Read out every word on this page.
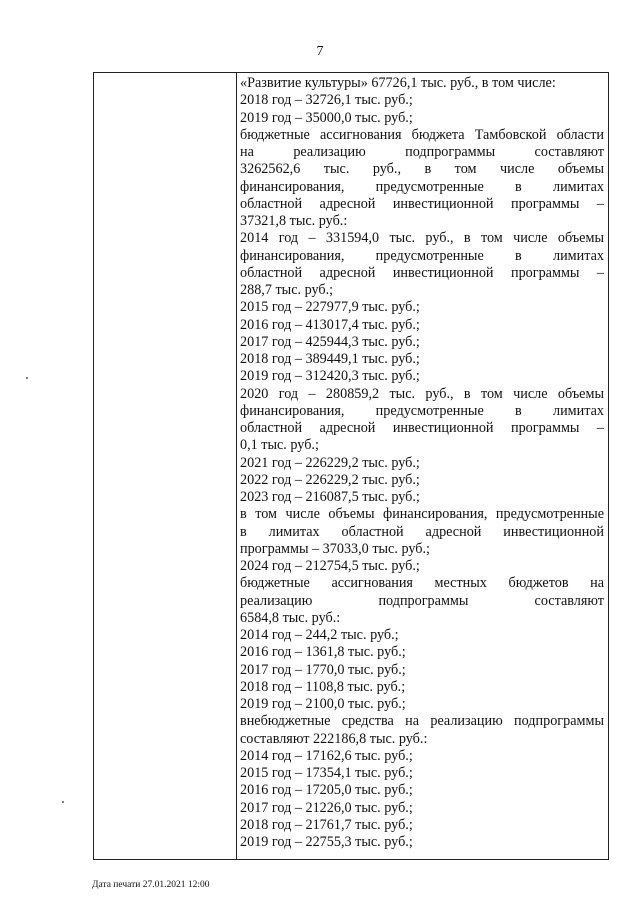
7
«Развитие культуры» 67726,1 тыс. руб., в том числе:
2018 год – 32726,1 тыс. руб.;
2019 год – 35000,0 тыс. руб.;
бюджетные ассигнования бюджета Тамбовской области
на реализацию подпрограммы составляют
3262562,6 тыс. руб., в том числе объемы
финансирования, предусмотренные в лимитах
областной адресной инвестиционной программы –
37321,8 тыс. руб.:
2014 год – 331594,0 тыс. руб., в том числе объемы
финансирования, предусмотренные в лимитах
областной адресной инвестиционной программы –
288,7 тыс. руб.;
2015 год – 227977,9 тыс. руб.;
2016 год – 413017,4 тыс. руб.;
2017 год – 425944,3 тыс. руб.;
2018 год – 389449,1 тыс. руб.;
2019 год – 312420,3 тыс. руб.;
2020 год – 280859,2 тыс. руб., в том числе объемы
финансирования, предусмотренные в лимитах
областной адресной инвестиционной программы –
0,1 тыс. руб.;
2021 год – 226229,2 тыс. руб.;
2022 год – 226229,2 тыс. руб.;
2023 год – 216087,5 тыс. руб.;
в том числе объемы финансирования, предусмотренные
в лимитах областной адресной инвестиционной
программы – 37033,0 тыс. руб.;
2024 год – 212754,5 тыс. руб.;
бюджетные ассигнования местных бюджетов на
реализацию подпрограммы составляют
6584,8 тыс. руб.:
2014 год – 244,2 тыс. руб.;
2016 год – 1361,8 тыс. руб.;
2017 год – 1770,0 тыс. руб.;
2018 год – 1108,8 тыс. руб.;
2019 год – 2100,0 тыс. руб.;
внебюджетные средства на реализацию подпрограммы
составляют 222186,8 тыс. руб.:
2014 год – 17162,6 тыс. руб.;
2015 год – 17354,1 тыс. руб.;
2016 год – 17205,0 тыс. руб.;
2017 год – 21226,0 тыс. руб.;
2018 год – 21761,7 тыс. руб.;
2019 год – 22755,3 тыс. руб.;
Дата печати 27.01.2021 12:00
